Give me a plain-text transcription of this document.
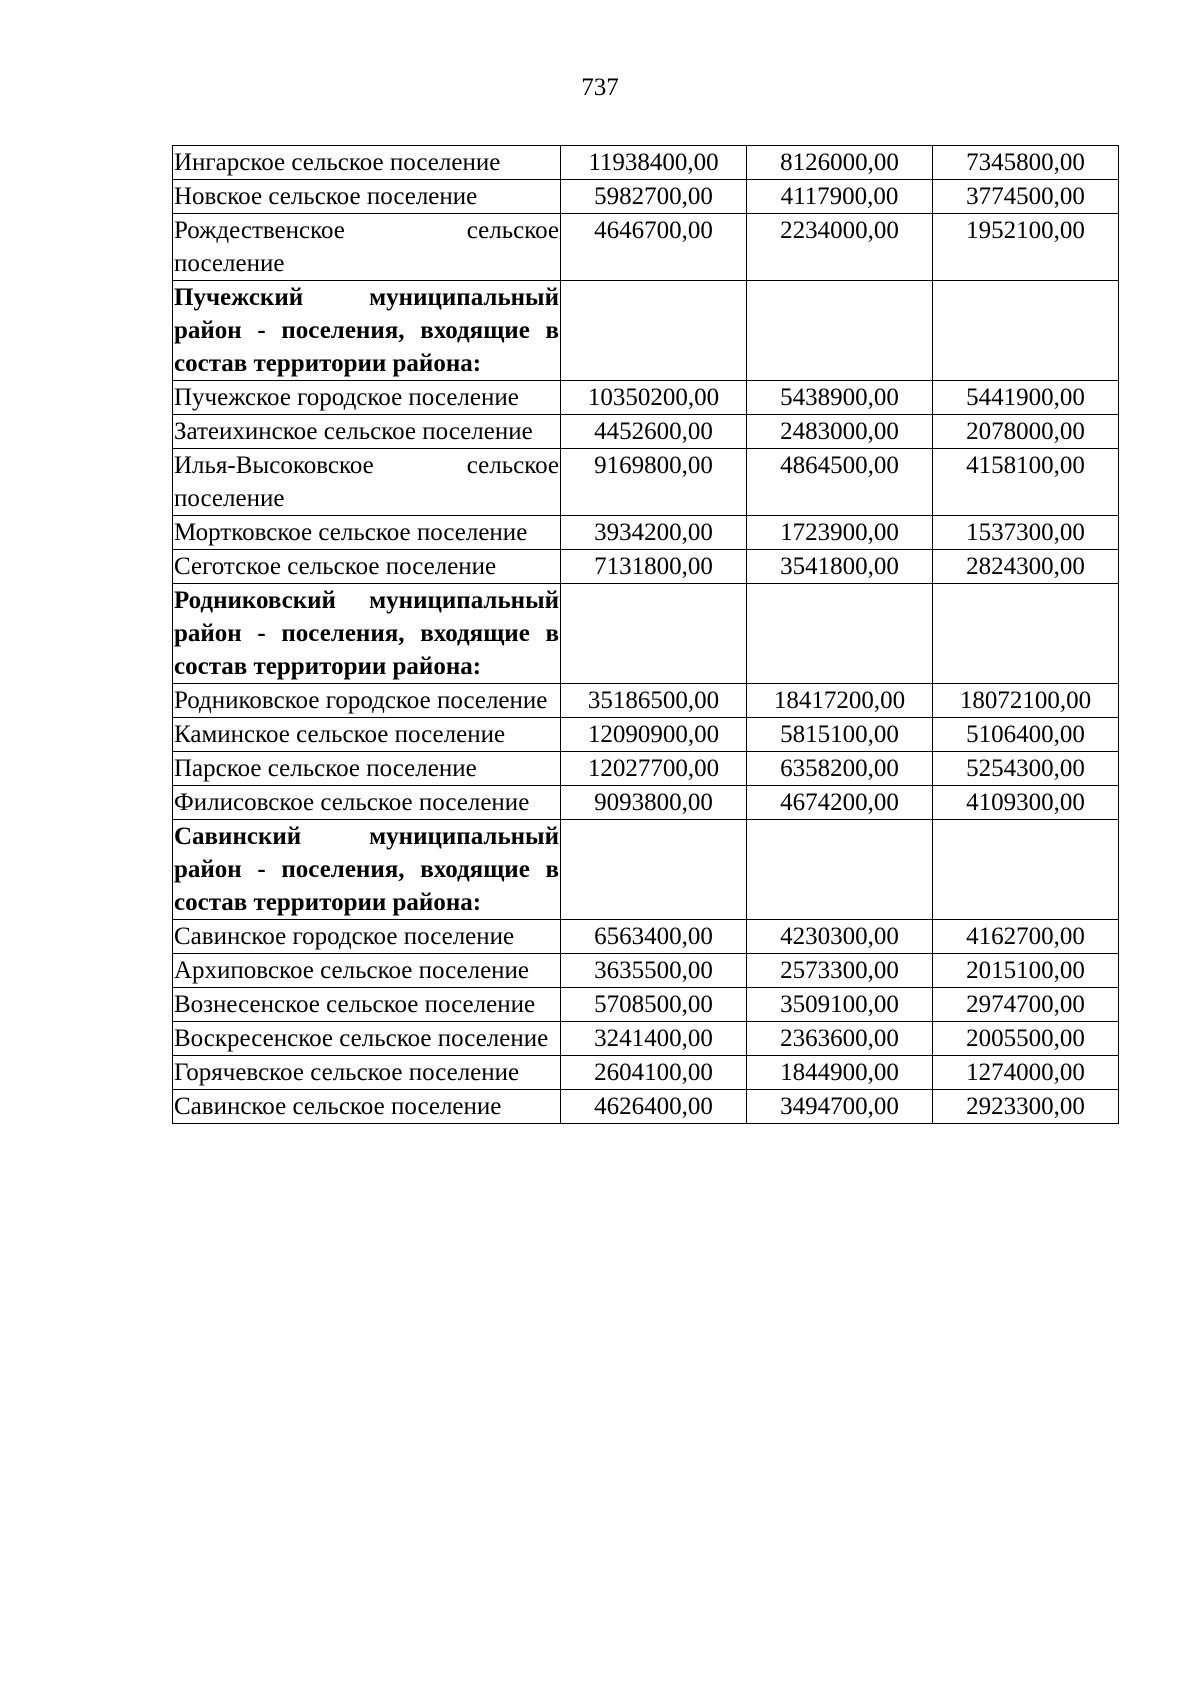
737
Ингарское сельское поселение	11938400,00	8126000,00	7345800,00
Новское сельское поселение	5982700,00	4117900,00	3774500,00
Рождественское сельское поселение	4646700,00	2234000,00	1952100,00
Пучежский муниципальный район - поселения, входящие в состав территории района:			
Пучежское городское поселение	10350200,00	5438900,00	5441900,00
Затеихинское сельское поселение	4452600,00	2483000,00	2078000,00
Илья-Высоковское сельское поселение	9169800,00	4864500,00	4158100,00
Мортковское сельское поселение	3934200,00	1723900,00	1537300,00
Сеготское сельское поселение	7131800,00	3541800,00	2824300,00
Родниковский муниципальный район - поселения, входящие в состав территории района:			
Родниковское городское поселение	35186500,00	18417200,00	18072100,00
Каминское сельское поселение	12090900,00	5815100,00	5106400,00
Парское сельское поселение	12027700,00	6358200,00	5254300,00
Филисовское сельское поселение	9093800,00	4674200,00	4109300,00
Савинский муниципальный район - поселения, входящие в состав территории района:			
Савинское городское поселение	6563400,00	4230300,00	4162700,00
Архиповское сельское поселение	3635500,00	2573300,00	2015100,00
Вознесенское сельское поселение	5708500,00	3509100,00	2974700,00
Воскресенское сельское поселение	3241400,00	2363600,00	2005500,00
Горячевское сельское поселение	2604100,00	1844900,00	1274000,00
Савинское сельское поселение	4626400,00	3494700,00	2923300,00
